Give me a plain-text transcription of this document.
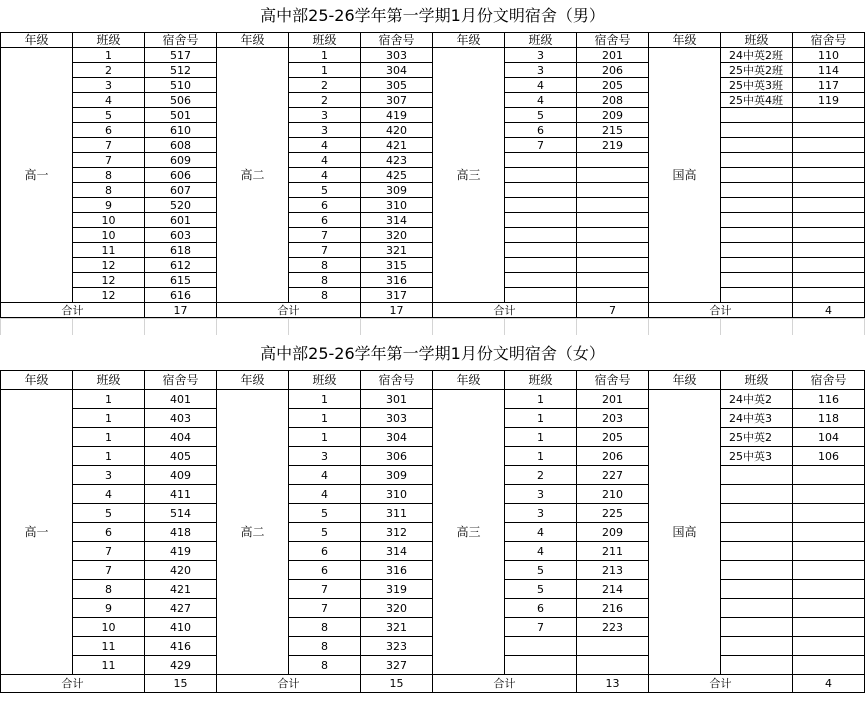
高中部25-26学年第一学期1月份文明宿舍（男）
年级	班级	宿舍号	年级	班级	宿舍号	年级	班级	宿舍号	年级	班级	宿舍号
高一	1	517	高二	1	303	高三	3	201	国高	24中英2班	110
	2	512		1	304		3	206		25中英2班	114
	3	510		2	305		4	205		25中英3班	117
	4	506		2	307		4	208		25中英4班	119
	5	501		3	419		5	209			
	6	610		3	420		6	215			
	7	608		4	421		7	219			
	7	609		4	423						
	8	606		4	425						
	8	607		5	309						
	9	520		6	310						
	10	601		6	314						
	10	603		7	320						
	11	618		7	321						
	12	612		8	315						
	12	615		8	316						
	12	616		8	317						
合计		17	合计		17	合计		7	合计		4
高中部25-26学年第一学期1月份文明宿舍（女）
年级	班级	宿舍号	年级	班级	宿舍号	年级	班级	宿舍号	年级	班级	宿舍号
高一	1	401	高二	1	301	高三	1	201	国高	24中英2	116
	1	403		1	303		1	203		24中英3	118
	1	404		1	304		1	205		25中英2	104
	1	405		3	306		1	206		25中英3	106
	3	409		4	309		2	227			
	4	411		4	310		3	210			
	5	514		5	311		3	225			
	6	418		5	312		4	209			
	7	419		6	314		4	211			
	7	420		6	316		5	213			
	8	421		7	319		5	214			
	9	427		7	320		6	216			
	10	410		8	321		7	223			
	11	416		8	323						
	11	429		8	327						
合计		15	合计		15	合计		13	合计		4
